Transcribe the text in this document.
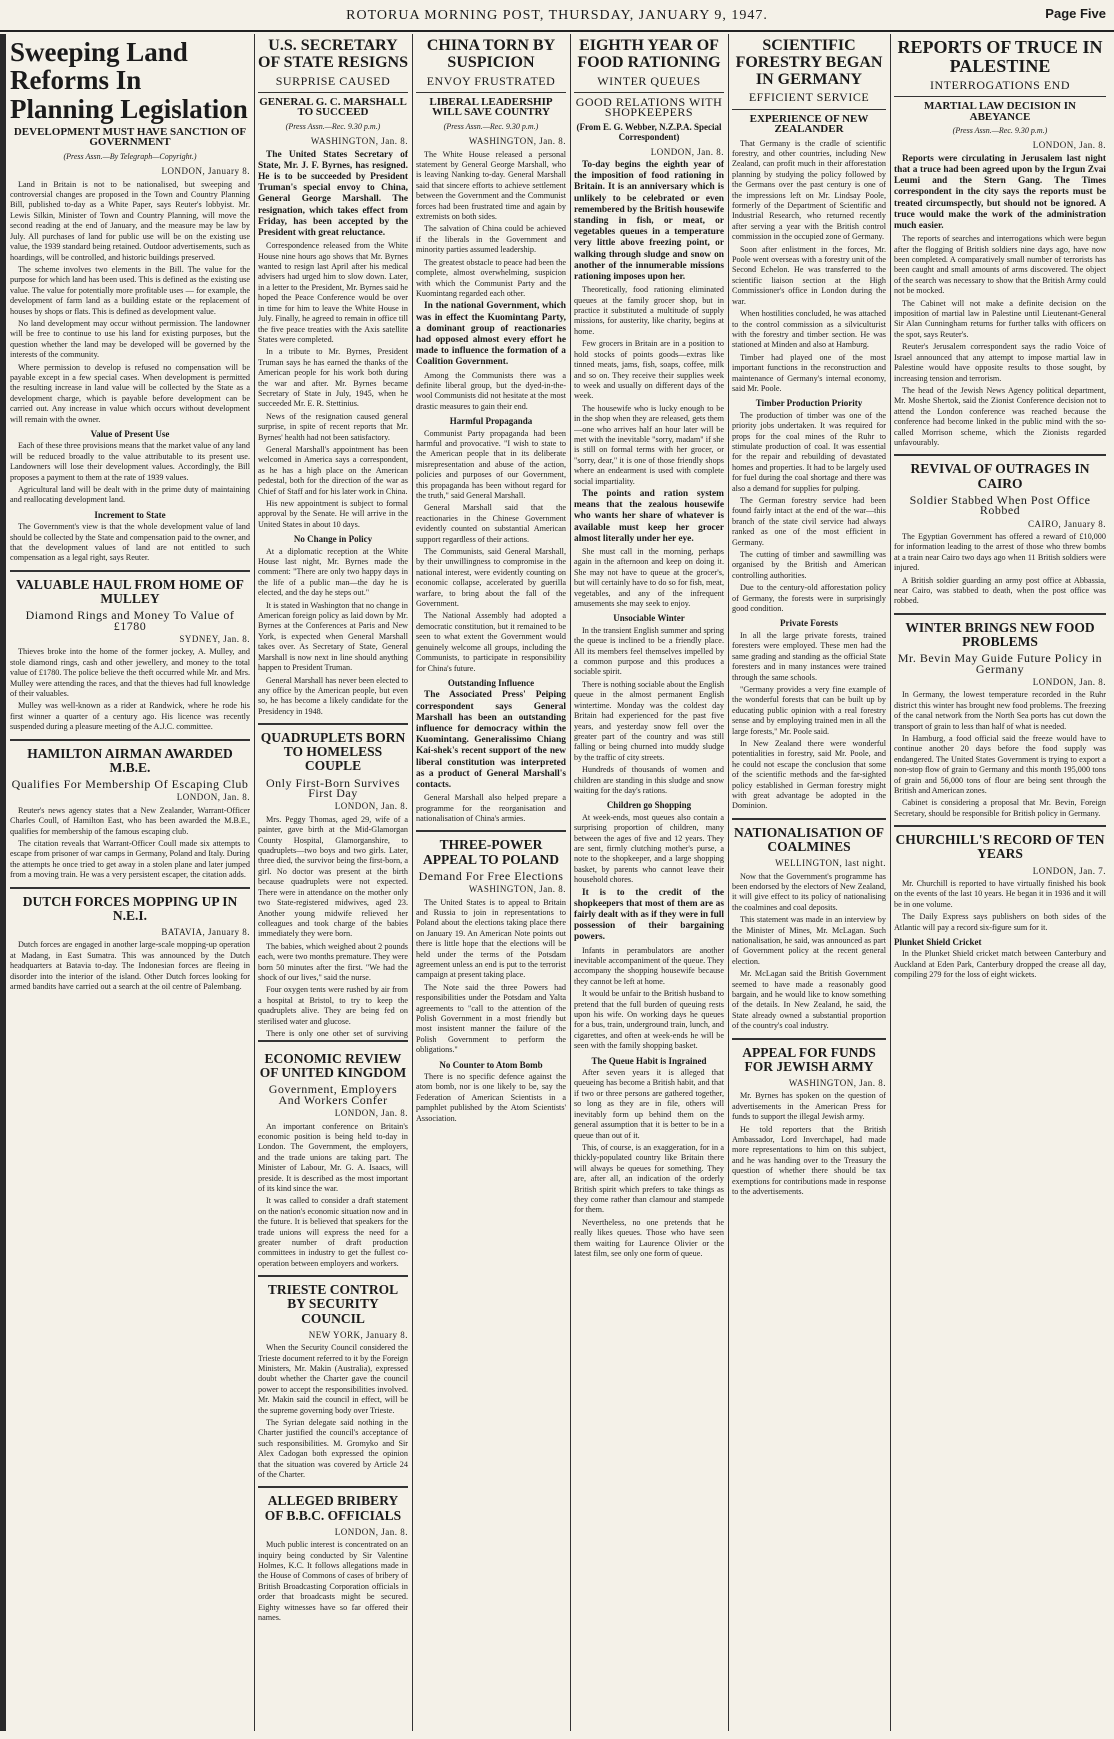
ROTORUA MORNING POST, THURSDAY, JANUARY 9, 1947.	Page Five
Sweeping Land Reforms In Planning Legislation
DEVELOPMENT MUST HAVE SANCTION OF GOVERNMENT
(Press Assn.—By Telegraph—Copyright.)
LONDON, January 8.

Land in Britain is not to be nationalised, but sweeping and controversial changes are proposed in the Town and Country Planning Bill, published to-day as a White Paper, says Reuter's lobbyist. Mr. Lewis Silkin, Minister of Town and Country Planning, will move the second reading at the end of January, and the measure may be law by July. All purchases of land for public use will be on the existing use value, the 1939 standard being retained. Outdoor advertisements, such as hoardings, will be controlled, and historic buildings preserved.

The scheme involves two elements in the Bill. The value for the purpose for which land has been used. This is defined as the existing use value. The value for potentially more profitable uses — for example, the development of farm land as a building estate or the replacement of houses by shops or flats. This is defined as development value.

No land development may occur without permission. The landowner will be free to continue to use his land for existing purposes, but the question whether the land may be developed will be governed by the interests of the community.

Where permission to develop is refused no compensation will be payable except in a few special cases. When development is permitted the resulting increase in land value will be collected by the State as a development charge, which is payable before development can be carried out. Any increase in value which occurs without development will remain with the owner.

Value of Present Use

Each of these three provisions means that the market value of any land will be reduced broadly to the value attributable to its present use. Landowners will lose their development values. Accordingly, the Bill proposes a payment to them at the rate of 1939 values.

Agricultural land will be dealt with in the prime duty of maintaining and reallocating development land.

Increment to State

The Government's view is that the whole development value of land should be collected by the State and compensation paid to the owner, and that the development values of land are not entitled to such compensation as a legal right, says Reuter.

VALUABLE HAUL FROM HOME OF MULLEY
Diamond Rings and Money To Value of £1780
SYDNEY, Jan. 8.

Thieves broke into the home of the former jockey, A. Mulley, and stole diamond rings, cash and other jewellery, and money to the total value of £1780. The police believe the theft occurred while Mr. and Mrs. Mulley were attending the races, and that the thieves had full knowledge of their valuables.

Mulley was well-known as a rider at Randwick, where he rode his first winner a quarter of a century ago. His licence was recently suspended during a pleasure meeting of the A.J.C. committee.

HAMILTON AIRMAN AWARDED M.B.E.
Qualifies For Membership Of Escaping Club
LONDON, Jan. 8.

Reuter's news agency states that a New Zealander, Warrant-Officer Charles Coull, of Hamilton East, who has been awarded the M.B.E., qualifies for membership of the famous escaping club.

The citation reveals that Warrant-Officer Coull made six attempts to escape from prisoner of war camps in Germany, Poland and Italy. During the attempts he once tried to get away in a stolen plane and later jumped from a moving train. He was a very persistent escaper, the citation adds.

DUTCH FORCES MOPPING UP IN N.E.I.
BATAVIA, January 8.

Dutch forces are engaged in another large-scale mopping-up operation at Madang, in East Sumatra. This was announced by the Dutch headquarters at Batavia to-day. The Indonesian forces are fleeing in disorder into the interior of the island. Other Dutch forces looking for armed bandits have carried out a search at the oil centre of Palembang.

U.S. SECRETARY OF STATE RESIGNS
SURPRISE CAUSED
GENERAL G. C. MARSHALL TO SUCCEED
(Press Assn.—Rec. 9.30 p.m.)
WASHINGTON, Jan. 8.

The United States Secretary of State, Mr. J. F. Byrnes, has resigned. He is to be succeeded by President Truman's special envoy to China, General George Marshall. The resignation, which takes effect from Friday, has been accepted by the President with great reluctance.

Correspondence released from the White House nine hours ago shows that Mr. Byrnes wanted to resign last April after his medical advisers had urged him to slow down. Later, in a letter to the President, Mr. Byrnes said he hoped the Peace Conference would be over in time for him to leave the White House in July. Finally, he agreed to remain in office till the five peace treaties with the Axis satellite States were completed.

In a tribute to Mr. Byrnes, President Truman says he has earned the thanks of the American people for his work both during the war and after. Mr. Byrnes became Secretary of State in July, 1945, when he succeeded Mr. E. R. Stettinius.

News of the resignation caused general surprise, in spite of recent reports that Mr. Byrnes' health had not been satisfactory.

General Marshall's appointment has been welcomed in America says a correspondent, as he has a high place on the American pedestal, both for the direction of the war as Chief of Staff and for his later work in China.

His new appointment is subject to formal approval by the Senate. He will arrive in the United States in about 10 days.

No Change in Policy

At a diplomatic reception at the White House last night, Mr. Byrnes made the comment: "There are only two happy days in the life of a public man—the day he is elected, and the day he steps out."

It is stated in Washington that no change in American foreign policy as laid down by Mr. Byrnes at the Conferences at Paris and New York, is expected when General Marshall takes over. As Secretary of State, General Marshall is now next in line should anything happen to President Truman.

General Marshall has never been elected to any office by the American people, but even so, he has become a likely candidate for the Presidency in 1948.

QUADRUPLETS BORN TO HOMELESS COUPLE
Only First-Born Survives First Day
LONDON, Jan. 8.

Mrs. Peggy Thomas, aged 29, wife of a painter, gave birth at the Mid-Glamorgan County Hospital, Glamorganshire, to quadruplets—two boys and two girls. Later, three died, the survivor being the first-born, a girl. No doctor was present at the birth because quadruplets were not expected. There were in attendance on the mother only two State-registered midwives, aged 23. Another young midwife relieved her colleagues and took charge of the babies immediately they were born.

The babies, which weighed about 2 pounds each, were two months premature. They were born 50 minutes after the first. "We had the shock of our lives," said the nurse.

Four oxygen tents were rushed by air from a hospital at Bristol, to try to keep the quadruplets alive. They are being fed on sterilised water and glucose.

There is only one other set of surviving

CHINA TORN BY SUSPICION
ENVOY FRUSTRATED
LIBERAL LEADERSHIP WILL SAVE COUNTRY
(Press Assn.—Rec. 9.30 p.m.)
WASHINGTON, Jan. 8.

The White House released a personal statement by General George Marshall, who is leaving Nanking to-day. General Marshall said that sincere efforts to achieve settlement between the Government and the Communist forces had been frustrated time and again by extremists on both sides.

The salvation of China could be achieved if the liberals in the Government and minority parties assumed leadership.

The greatest obstacle to peace had been the complete, almost overwhelming, suspicion with which the Communist Party and the Kuomintang regarded each other.

In the national Government, which was in effect the Kuomintang Party, a dominant group of reactionaries had opposed almost every effort he made to influence the formation of a Coalition Government.

Among the Communists there was a definite liberal group, but the dyed-in-the-wool Communists did not hesitate at the most drastic measures to gain their end.

Harmful Propaganda

Communist Party propaganda had been harmful and provocative. "I wish to state to the American people that in its deliberate misrepresentation and abuse of the action, policies and purposes of our Government, this propaganda has been without regard for the truth," said General Marshall.

General Marshall said that the reactionaries in the Chinese Government evidently counted on substantial American support regardless of their actions.

The Communists, said General Marshall, by their unwillingness to compromise in the national interest, were evidently counting on economic collapse, accelerated by guerilla warfare, to bring about the fall of the Government.

The National Assembly had adopted a democratic constitution, but it remained to be seen to what extent the Government would genuinely welcome all groups, including the Communists, to participate in responsibility for China's future.

Outstanding Influence

The Associated Press' Peiping correspondent says General Marshall has been an outstanding influence for democracy within the Kuomintang. Generalissimo Chiang Kai-shek's recent support of the new liberal constitution was interpreted as a product of General Marshall's contacts.

General Marshall also helped prepare a programme for the reorganisation and nationalisation of China's armies.

THREE-POWER APPEAL TO POLAND
Demand For Free Elections
WASHINGTON, Jan. 8.

The United States is to appeal to Britain and Russia to join in representations to Poland about the elections taking place there on January 19. An American Note points out there is little hope that the elections will be held under the terms of the Potsdam agreement unless an end is put to the terrorist campaign at present taking place.

The Note said the three Powers had responsibilities under the Potsdam and Yalta agreements to "call to the attention of the Polish Government in a most friendly but most insistent manner the failure of the Polish Government to perform the obligations."

No Counter to Atom Bomb

There is no specific defence against the atom bomb, nor is one likely to be, say the Federation of American Scientists in a pamphlet published by the Atom Scientists' Association.

EIGHTH YEAR OF FOOD RATIONING
WINTER QUEUES
GOOD RELATIONS WITH SHOPKEEPERS
(From E. G. Webber, N.Z.P.A. Special Correspondent)
LONDON, Jan. 8.

To-day begins the eighth year of the imposition of food rationing in Britain. It is an anniversary which is unlikely to be celebrated or even remembered by the British housewife standing in fish, or meat, or vegetables queues in a temperature very little above freezing point, or walking through sludge and snow on another of the innumerable missions rationing imposes upon her.

Theoretically, food rationing eliminated queues at the family grocer shop, but in practice it substituted a multitude of supply missions, for austerity, like charity, begins at home.

Few grocers in Britain are in a position to hold stocks of points goods—extras like tinned meats, jams, fish, soaps, coffee, milk and so on. They receive their supplies week to week and usually on different days of the week.

The housewife who is lucky enough to be in the shop when they are released, gets them—one who arrives half an hour later will be met with the inevitable "sorry, madam" if she is still on formal terms with her grocer, or "sorry, dear," it is one of those friendly shops where an endearment is used with complete social impartiality.

The points and ration system means that the zealous housewife who wants her share of whatever is available must keep her grocer almost literally under her eye.

She must call in the morning, perhaps again in the afternoon and keep on doing it. She may not have to queue at the grocer's, but will certainly have to do so for fish, meat, vegetables, and any of the infrequent amusements she may seek to enjoy.

Unsociable Winter

In the transient English summer and spring the queue is inclined to be a friendly place. All its members feel themselves impelled by a common purpose and this produces a sociable spirit.

There is nothing sociable about the English queue in the almost permanent English wintertime. Monday was the coldest day Britain had experienced for the past five years, and yesterday snow fell over the greater part of the country and was still falling or being churned into muddy sludge by the traffic of city streets.

Hundreds of thousands of women and children are standing in this sludge and snow waiting for the day's rations.

Children go Shopping

At week-ends, most queues also contain a surprising proportion of children, many between the ages of five and 12 years. They are sent, firmly clutching mother's purse, a note to the shopkeeper, and a large shopping basket, by parents who cannot leave their household chores.

It is to the credit of the shopkeepers that most of them are as fairly dealt with as if they were in full possession of their bargaining powers.

Infants in perambulators are another inevitable accompaniment of the queue. They accompany the shopping housewife because they cannot be left at home.

It would be unfair to the British husband to pretend that the full burden of queuing rests upon his wife. On working days he queues for a bus, train, underground train, lunch, and cigarettes, and often at week-ends he will be seen with the family shopping basket.

The Queue Habit is Ingrained

After seven years it is alleged that queueing has become a British habit, and that if two or three persons are gathered together, so long as they are in file, others will inevitably form up behind them on the general assumption that it is better to be in a queue than out of it.

This, of course, is an exaggeration, for in a thickly-populated country like Britain there will always be queues for something. They are, after all, an indication of the orderly British spirit which prefers to take things as they come rather than clamour and stampede for them.

Nevertheless, no one pretends that he really likes queues. Those who have seen them waiting for Laurence Olivier or the latest film, see only one form of queue.

SCIENTIFIC FORESTRY BEGAN IN GERMANY
EFFICIENT SERVICE
EXPERIENCE OF NEW ZEALANDER

That Germany is the cradle of scientific forestry, and other countries, including New Zealand, can profit much in their afforestation planning by studying the policy followed by the Germans over the past century is one of the impressions left on Mr. Lindsay Poole, formerly of the Department of Scientific and Industrial Research, who returned recently after serving a year with the British control commission in the occupied zone of Germany.

Soon after enlistment in the forces, Mr. Poole went overseas with a forestry unit of the Second Echelon. He was transferred to the scientific liaison section at the High Commissioner's office in London during the war.

When hostilities concluded, he was attached to the control commission as a silviculturist with the forestry and timber section. He was stationed at Minden and also at Hamburg.

Timber had played one of the most important functions in the reconstruction and maintenance of Germany's internal economy, said Mr. Poole.

Timber Production Priority

The production of timber was one of the priority jobs undertaken. It was required for props for the coal mines of the Ruhr to stimulate production of coal. It was essential for the repair and rebuilding of devastated homes and properties. It had to be largely used for fuel during the coal shortage and there was also a demand for supplies for pulping.

The German forestry service had been found fairly intact at the end of the war—this branch of the state civil service had always ranked as one of the most efficient in Germany.

The cutting of timber and sawmilling was organised by the British and American controlling authorities.

Due to the century-old afforestation policy of Germany, the forests were in surprisingly good condition.

Private Forests

In all the large private forests, trained foresters were employed. These men had the same grading and standing as the official State foresters and in many instances were trained through the same schools.

"Germany provides a very fine example of the wonderful forests that can be built up by educating public opinion with a real forestry sense and by employing trained men in all the large forests," Mr. Poole said.

In New Zealand there were wonderful potentialities in forestry, said Mr. Poole, and he could not escape the conclusion that some of the scientific methods and the far-sighted policy established in German forestry might with great advantage be adopted in the Dominion.

NATIONALISATION OF COALMINES
WELLINGTON, last night.

Now that the Government's programme has been endorsed by the electors of New Zealand, it will give effect to its policy of nationalising the coalmines and coal deposits.

This statement was made in an interview by the Minister of Mines, Mr. McLagan. Such nationalisation, he said, was announced as part of Government policy at the recent general election.

Mr. McLagan said the British Government seemed to have made a reasonably good bargain, and he would like to know something of the details. In New Zealand, he said, the State already owned a substantial proportion of the country's coal industry.

APPEAL FOR FUNDS FOR JEWISH ARMY
WASHINGTON, Jan. 8.

Mr. Byrnes has spoken on the question of advertisements in the American Press for funds to support the illegal Jewish army.

He told reporters that the British Ambassador, Lord Inverchapel, had made more representations to him on this subject, and he was handing over to the Treasury the question of whether there should be tax exemptions for contributions made in response to the advertisements.

REPORTS OF TRUCE IN PALESTINE
INTERROGATIONS END
MARTIAL LAW DECISION IN ABEYANCE
(Press Assn.—Rec. 9.30 p.m.)
LONDON, Jan. 8.

Reports were circulating in Jerusalem last night that a truce had been agreed upon by the Irgun Zvai Leumi and the Stern Gang. The Times correspondent in the city says the reports must be treated circumspectly, but should not be ignored. A truce would make the work of the administration much easier.

The reports of searches and interrogations which were begun after the flogging of British soldiers nine days ago, have now been completed. A comparatively small number of terrorists has been caught and small amounts of arms discovered. The object of the search was necessary to show that the British Army could not be mocked.

The Cabinet will not make a definite decision on the imposition of martial law in Palestine until Lieutenant-General Sir Alan Cunningham returns for further talks with officers on the spot, says Reuter's.

Reuter's Jerusalem correspondent says the radio Voice of Israel announced that any attempt to impose martial law in Palestine would have opposite results to those sought, by increasing tension and terrorism.

The head of the Jewish News Agency political department, Mr. Moshe Shertok, said the Zionist Conference decision not to attend the London conference was reached because the conference had become linked in the public mind with the so-called Morrison scheme, which the Zionists regarded unfavourably.

REVIVAL OF OUTRAGES IN CAIRO
Soldier Stabbed When Post Office Robbed
CAIRO, January 8.

The Egyptian Government has offered a reward of £10,000 for information leading to the arrest of those who threw bombs at a train near Cairo two days ago when 11 British soldiers were injured.

A British soldier guarding an army post office at Abbassia, near Cairo, was stabbed to death, when the post office was robbed.

WINTER BRINGS NEW FOOD PROBLEMS
Mr. Bevin May Guide Future Policy in Germany
LONDON, Jan. 8.

In Germany, the lowest temperature recorded in the Ruhr district this winter has brought new food problems. The freezing of the canal network from the North Sea ports has cut down the transport of grain to less than half of what is needed.

In Hamburg, a food official said the freeze would have to continue another 20 days before the food supply was endangered. The United States Government is trying to export a non-stop flow of grain to Germany and this month 195,000 tons of grain and 56,000 tons of flour are being sent through the British and American zones.

Cabinet is considering a proposal that Mr. Bevin, Foreign Secretary, should be responsible for British policy in Germany.

CHURCHILL'S RECORD OF TEN YEARS
LONDON, Jan. 7.

Mr. Churchill is reported to have virtually finished his book on the events of the last 10 years. He began it in 1936 and it will be in one volume.

The Daily Express says publishers on both sides of the Atlantic will pay a record six-figure sum for it.

Plunket Shield Cricket

In the Plunket Shield cricket match between Canterbury and Auckland at Eden Park, Canterbury dropped the crease all day, compiling 279 for the loss of eight wickets.

ECONOMIC REVIEW OF UNITED KINGDOM
Government, Employers And Workers Confer
LONDON, Jan. 8.

An important conference on Britain's economic position is being held to-day in London. The Government, the employers, and the trade unions are taking part. The Minister of Labour, Mr. G. A. Isaacs, will preside. It is described as the most important of its kind since the war.

It was called to consider a draft statement on the nation's economic situation now and in the future. It is believed that speakers for the trade unions will express the need for a greater number of draft production committees in industry to get the fullest co-operation between employers and workers.

TRIESTE CONTROL BY SECURITY COUNCIL
NEW YORK, January 8.

When the Security Council considered the Trieste document referred to it by the Foreign Ministers, Mr. Makin (Australia), expressed doubt whether the Charter gave the council power to accept the responsibilities involved. Mr. Makin said the council in effect, will be the supreme governing body over Trieste.

The Syrian delegate said nothing in the Charter justified the council's acceptance of such responsibilities. M. Gromyko and Sir Alex Cadogan both expressed the opinion that the situation was covered by Article 24 of the Charter.

ALLEGED BRIBERY OF B.B.C. OFFICIALS
LONDON, Jan. 8.

Much public interest is concentrated on an inquiry being conducted by Sir Valentine Holmes, K.C. It follows allegations made in the House of Commons of cases of bribery of British Broadcasting Corporation officials in order that broadcasts might be secured. Eighty witnesses have so far offered their names.
